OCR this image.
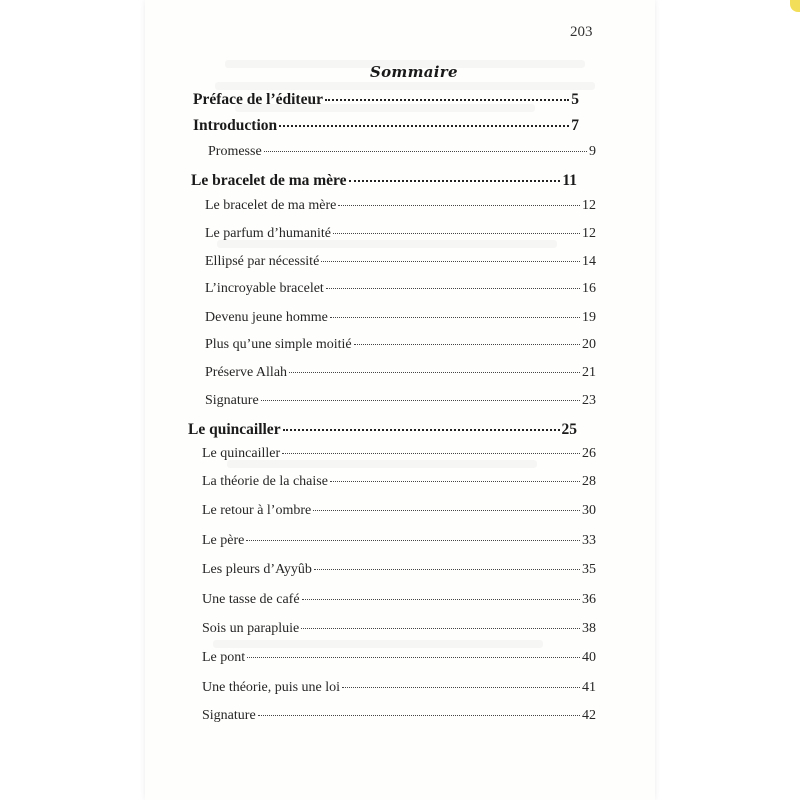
203
Sommaire
Préface de l’éditeur	5
Introduction	7
Promesse	9
Le bracelet de ma mère	11
Le bracelet de ma mère	12
Le parfum d’humanité	12
Ellipsé par nécessité	14
L’incroyable bracelet	16
Devenu jeune homme	19
Plus qu’une simple moitié	20
Préserve Allah	21
Signature	23
Le quincailler	25
Le quincailler	26
La théorie de la chaise	28
Le retour à l’ombre	30
Le père	33
Les pleurs d’Ayyûb	35
Une tasse de café	36
Sois un parapluie	38
Le pont	40
Une théorie, puis une loi	41
Signature	42
